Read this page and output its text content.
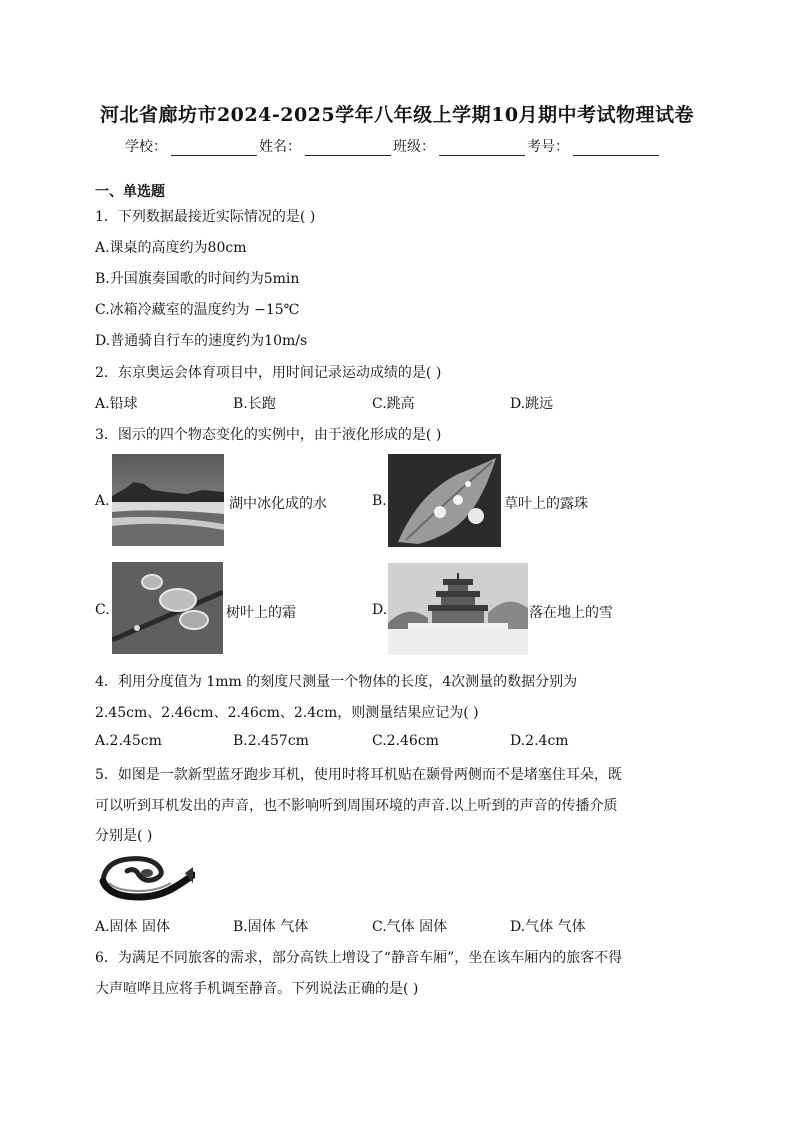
河北省廊坊市2024-2025学年八年级上学期10月期中考试物理试卷
学校：	姓名：	班级：	考号：
一、单选题
1．下列数据最接近实际情况的是( )
A.课桌的高度约为80cm
B.升国旗奏国歌的时间约为5min
C.冰箱冷藏室的温度约为 −15℃
D.普通骑自行车的速度约为10m/s
2．东京奥运会体育项目中，用时间记录运动成绩的是( )
A.铅球	B.长跑	C.跳高	D.跳远
3．图示的四个物态变化的实例中，由于液化形成的是( )
A.	湖中冰化成的水	B.	草叶上的露珠
C.	树叶上的霜	D.	落在地上的雪
4．利用分度值为 1mm 的刻度尺测量一个物体的长度，4次测量的数据分别为
2.45cm、2.46cm、2.46cm、2.4cm，则测量结果应记为( )
A.2.45cm	B.2.457cm	C.2.46cm	D.2.4cm
5．如图是一款新型蓝牙跑步耳机，使用时将耳机贴在颞骨两侧而不是堵塞住耳朵，既
可以听到耳机发出的声音，也不影响听到周围环境的声音.以上听到的声音的传播介质
分别是( )
A.固体 固体	B.固体 气体	C.气体 固体	D.气体 气体
6．为满足不同旅客的需求，部分高铁上增设了“静音车厢”，坐在该车厢内的旅客不得
大声喧哗且应将手机调至静音。下列说法正确的是( )
